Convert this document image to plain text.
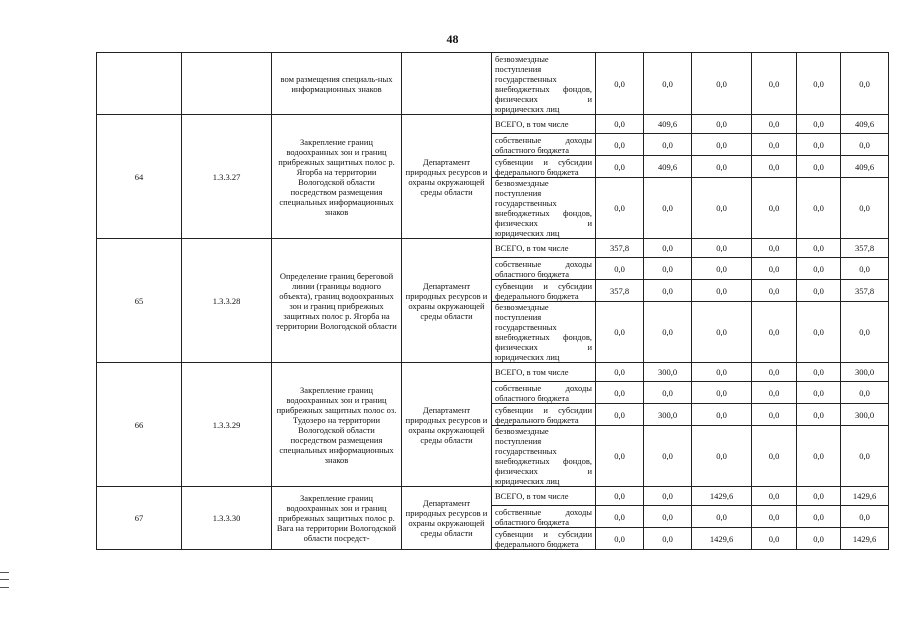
48
		вом размещения специаль-ных информационных знаков		безвозмездные поступления государственных внебюджетных фондов, физических и юридических лиц	0,0	0,0	0,0	0,0	0,0	0,0
64	1.3.3.27	Закрепление границ водоохранных зон и границ прибрежных защитных полос р. Ягорба на территории Вологодской области посредством размещения специальных информационных знаков	Департамент природных ресурсов и охраны окружающей среды области	ВСЕГО, в том числе	0,0	409,6	0,0	0,0	0,0	409,6
				собственные доходы областного бюджета	0,0	0,0	0,0	0,0	0,0	0,0
				субвенции и субсидии федерального бюджета	0,0	409,6	0,0	0,0	0,0	409,6
				безвозмездные поступления государственных внебюджетных фондов, физических и юридических лиц	0,0	0,0	0,0	0,0	0,0	0,0
65	1.3.3.28	Определение границ береговой линии (границы водного объекта), границ водоохранных зон и границ прибрежных защитных полос р. Ягорба на территории Вологодской области	Департамент природных ресурсов и охраны окружающей среды области	ВСЕГО, в том числе	357,8	0,0	0,0	0,0	0,0	357,8
				собственные доходы областного бюджета	0,0	0,0	0,0	0,0	0,0	0,0
				субвенции и субсидии федерального бюджета	357,8	0,0	0,0	0,0	0,0	357,8
				безвозмездные поступления государственных внебюджетных фондов, физических и юридических лиц	0,0	0,0	0,0	0,0	0,0	0,0
66	1.3.3.29	Закрепление границ водоохранных зон и границ прибрежных защитных полос оз. Тудозеро на территории Вологодской области посредством размещения специальных информационных знаков	Департамент природных ресурсов и охраны окружающей среды области	ВСЕГО, в том числе	0,0	300,0	0,0	0,0	0,0	300,0
				собственные доходы областного бюджета	0,0	0,0	0,0	0,0	0,0	0,0
				субвенции и субсидии федерального бюджета	0,0	300,0	0,0	0,0	0,0	300,0
				безвозмездные поступления государственных внебюджетных фондов, физических и юридических лиц	0,0	0,0	0,0	0,0	0,0	0,0
67	1.3.3.30	Закрепление границ водоохранных зон и границ прибрежных защитных полос р. Вага на территории Вологодской области посредст-	Департамент природных ресурсов и охраны окружающей среды области	ВСЕГО, в том числе	0,0	0,0	1429,6	0,0	0,0	1429,6
				собственные доходы областного бюджета	0,0	0,0	0,0	0,0	0,0	0,0
				субвенции и субсидии федерального бюджета	0,0	0,0	1429,6	0,0	0,0	1429,6
